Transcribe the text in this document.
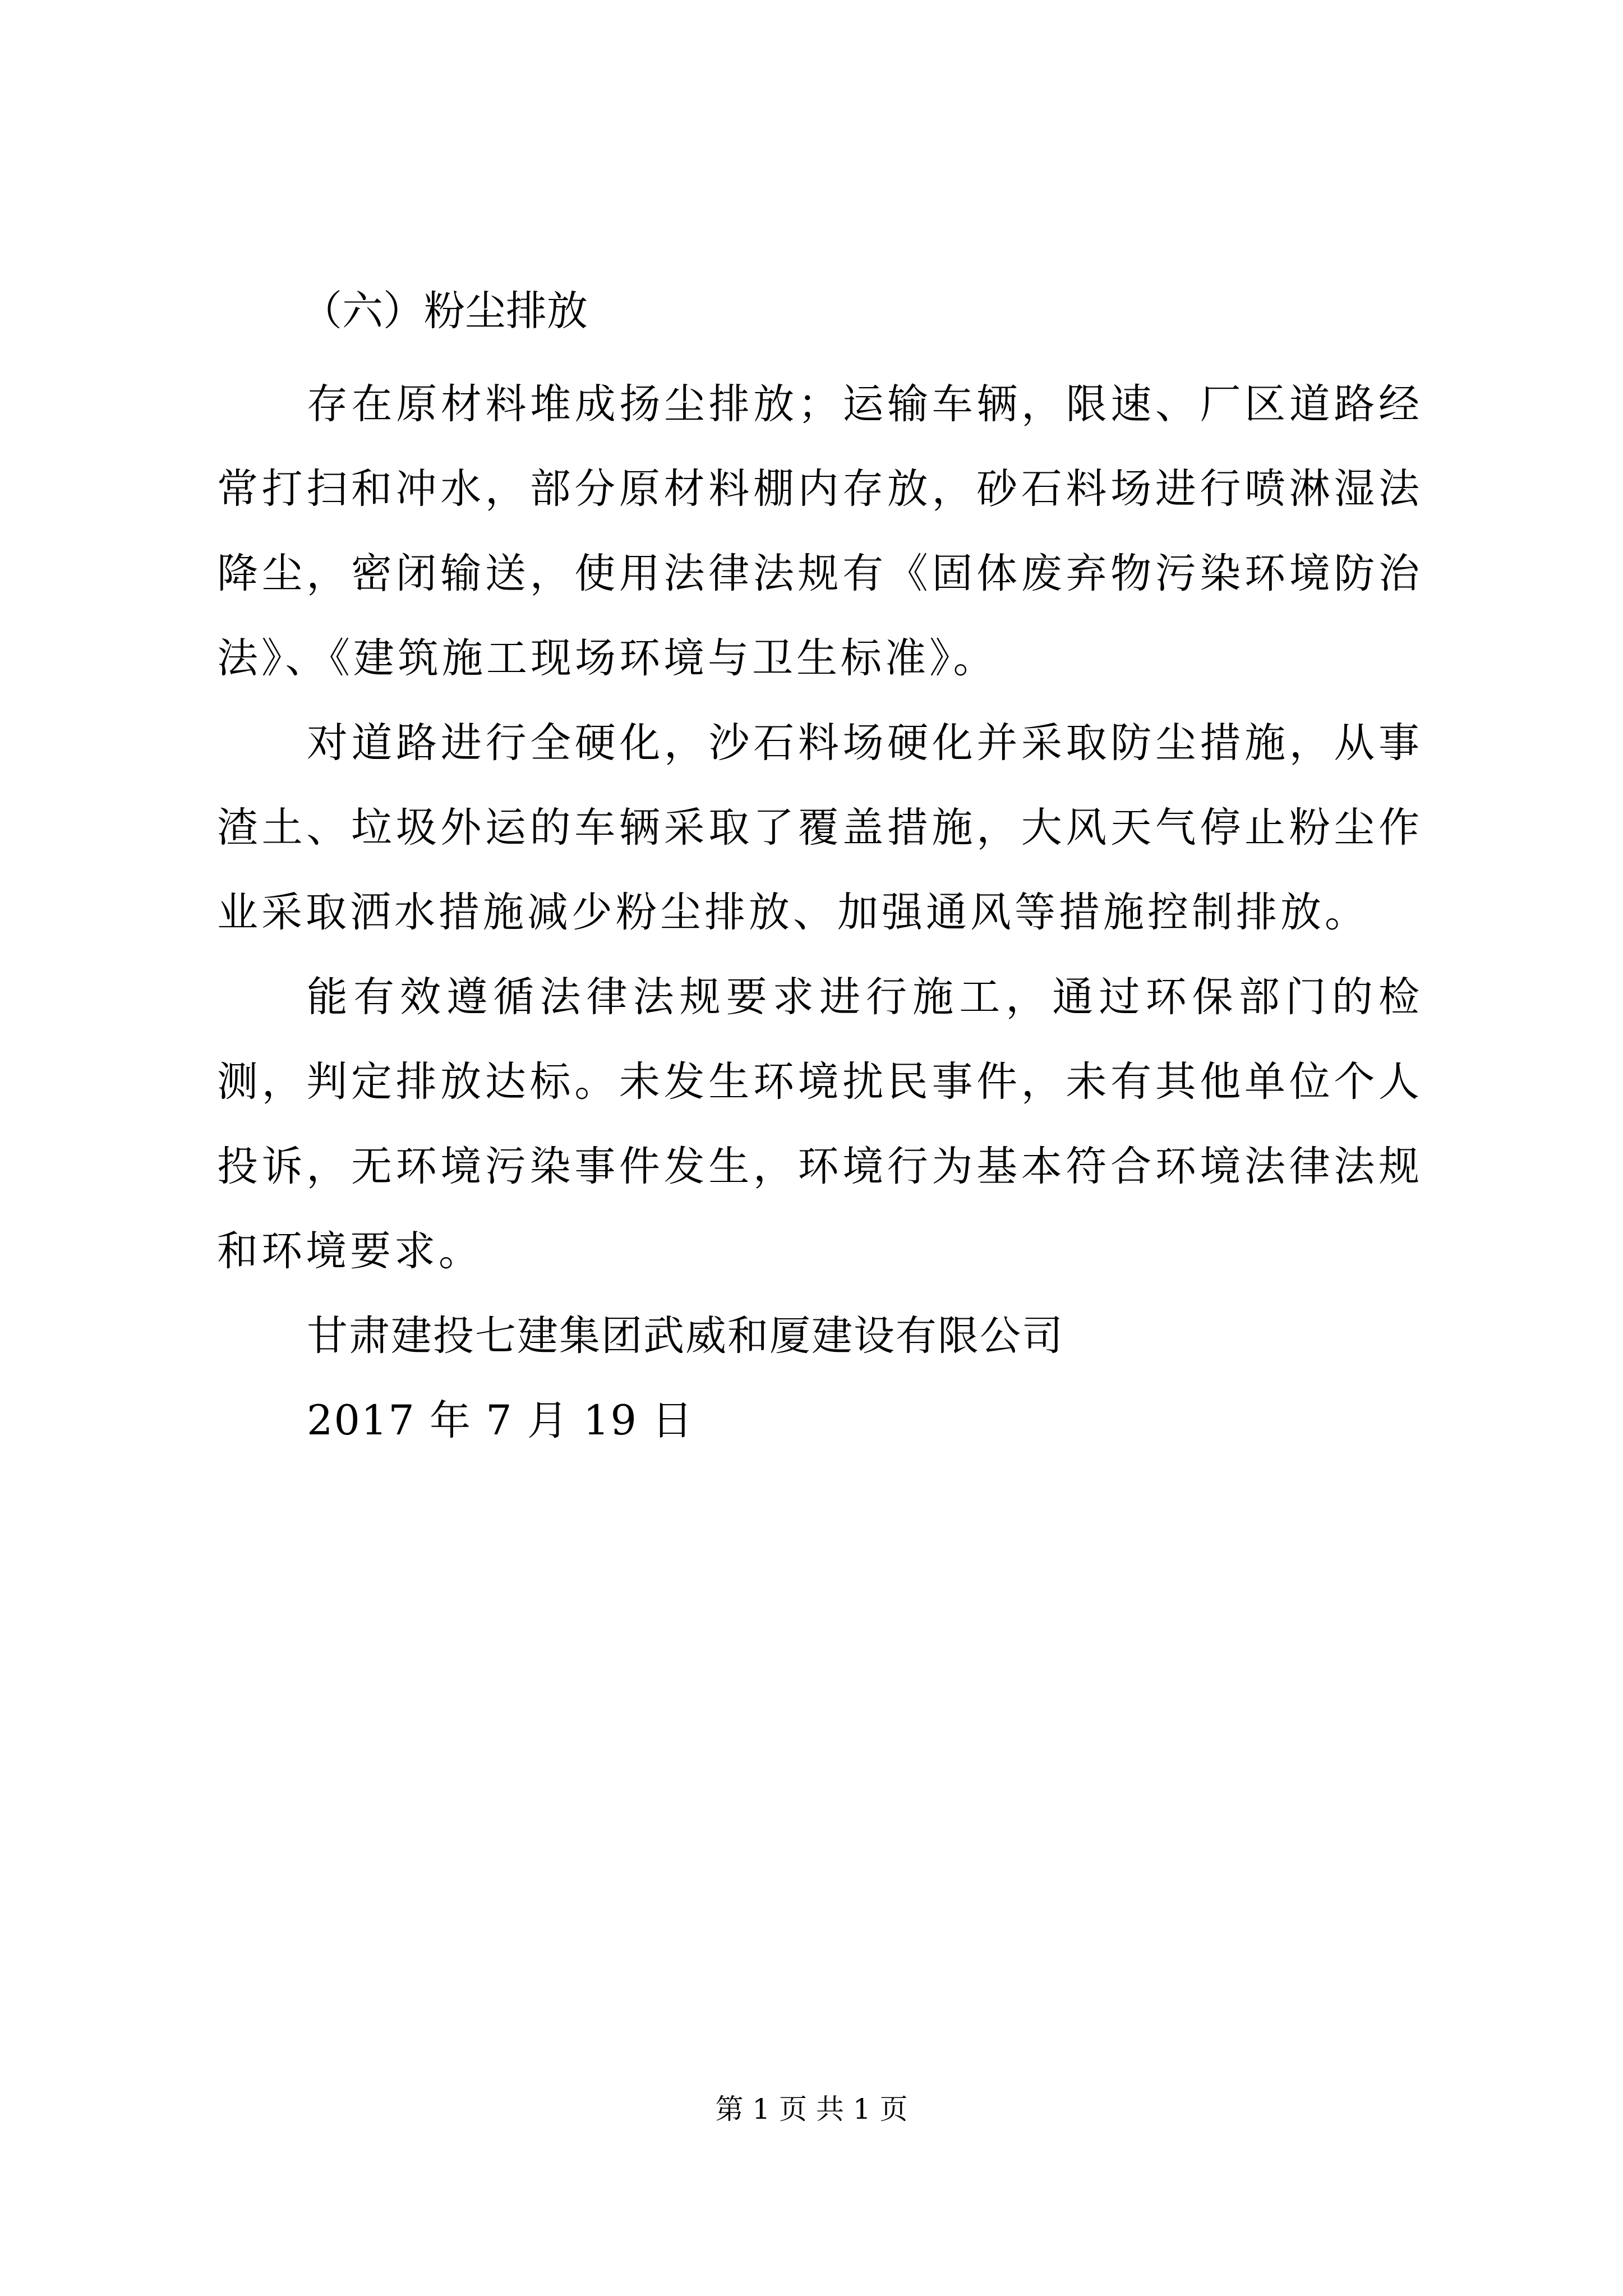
（六）粉尘排放

存在原材料堆成扬尘排放；运输车辆，限速、厂区道路经常打扫和冲水，部分原材料棚内存放，砂石料场进行喷淋湿法降尘，密闭输送，使用法律法规有《固体废弃物污染环境防治法》、《建筑施工现场环境与卫生标准》。

对道路进行全硬化，沙石料场硬化并采取防尘措施，从事渣土、垃圾外运的车辆采取了覆盖措施，大风天气停止粉尘作业采取洒水措施减少粉尘排放、加强通风等措施控制排放。

能有效遵循法律法规要求进行施工，通过环保部门的检测，判定排放达标。未发生环境扰民事件，未有其他单位个人投诉，无环境污染事件发生，环境行为基本符合环境法律法规和环境要求。

甘肃建投七建集团武威和厦建设有限公司

2017 年 7 月 19 日

第 1 页 共 1 页
